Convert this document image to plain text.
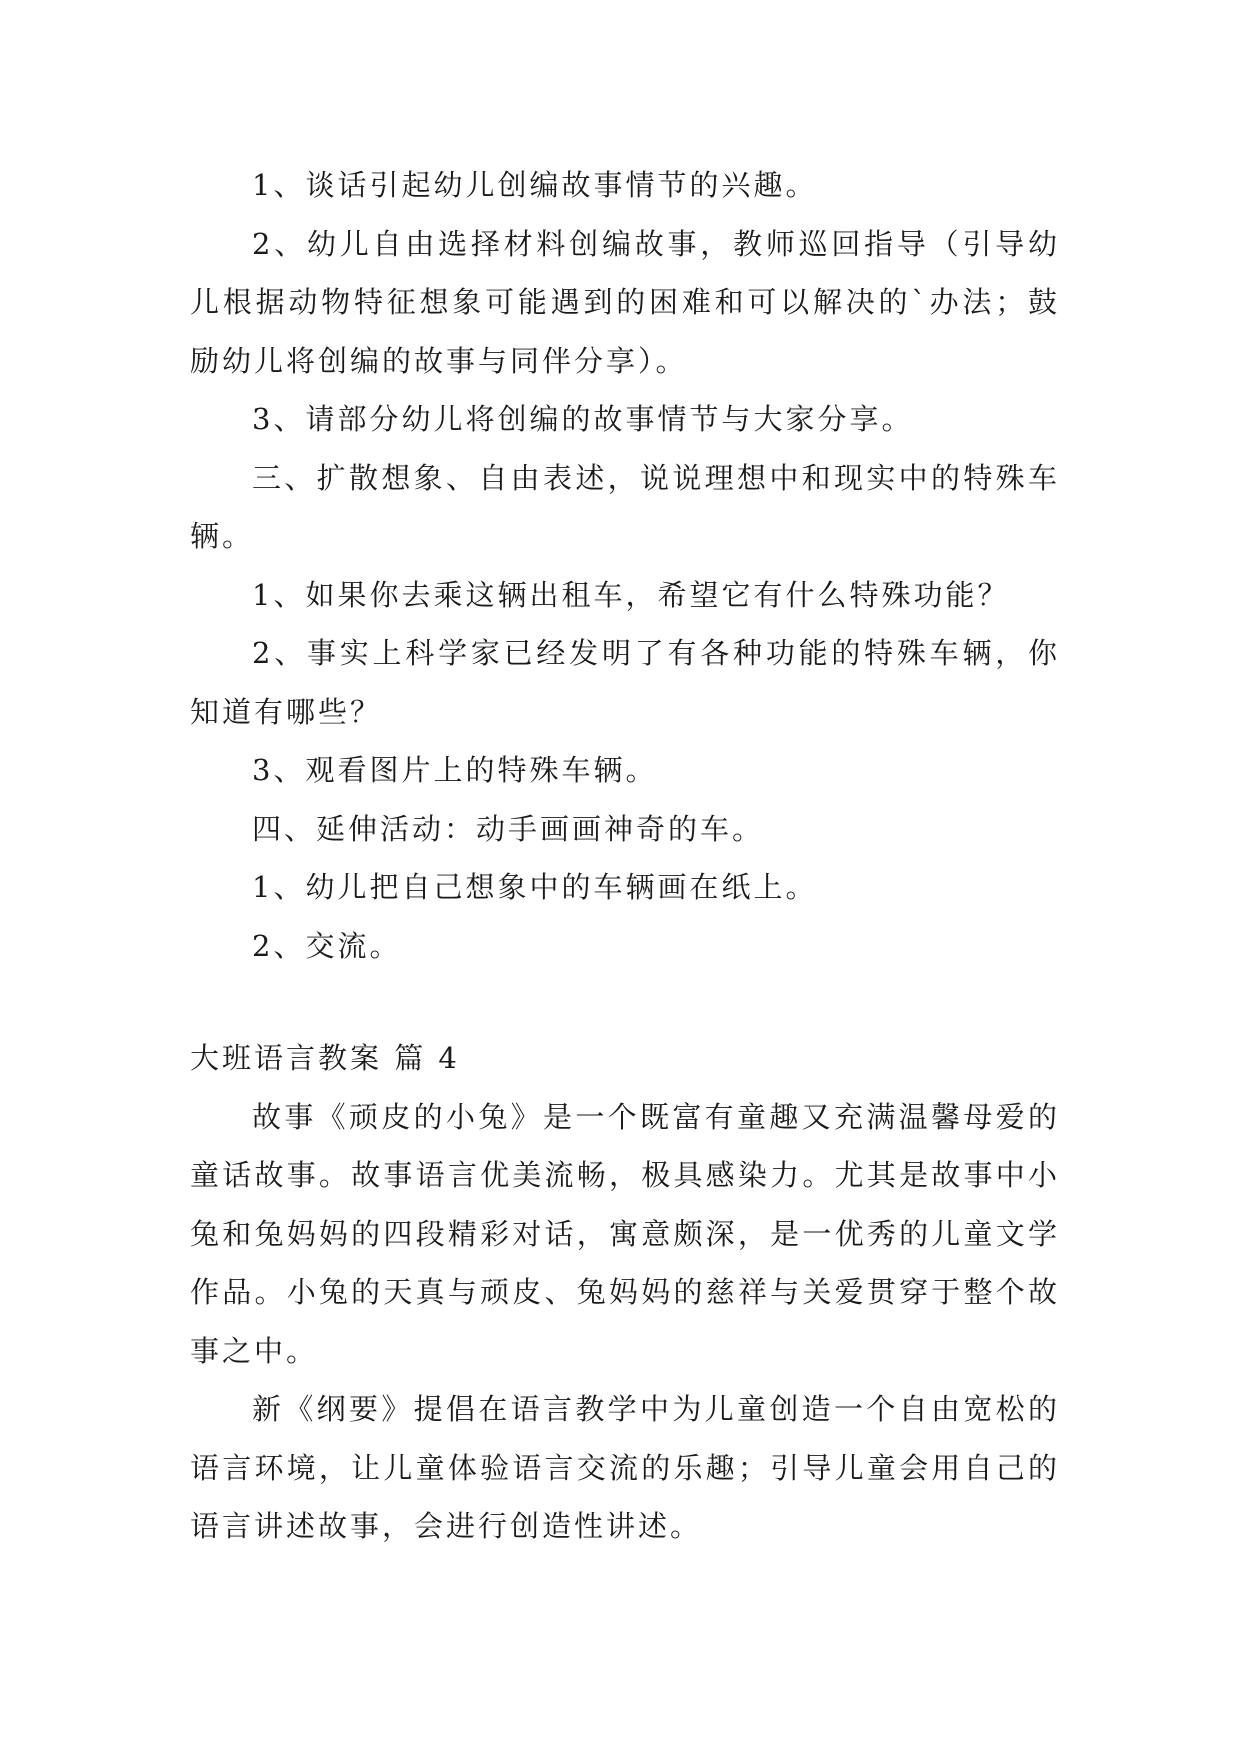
1、谈话引起幼儿创编故事情节的兴趣。

2、幼儿自由选择材料创编故事，教师巡回指导（引导幼儿根据动物特征想象可能遇到的困难和可以解决的`办法；鼓励幼儿将创编的故事与同伴分享）。

3、请部分幼儿将创编的故事情节与大家分享。

三、扩散想象、自由表述，说说理想中和现实中的特殊车辆。

1、如果你去乘这辆出租车，希望它有什么特殊功能？

2、事实上科学家已经发明了有各种功能的特殊车辆，你知道有哪些？

3、观看图片上的特殊车辆。

四、延伸活动：动手画画神奇的车。

1、幼儿把自己想象中的车辆画在纸上。

2、交流。

大班语言教案 篇 4

故事《顽皮的小兔》是一个既富有童趣又充满温馨母爱的童话故事。故事语言优美流畅，极具感染力。尤其是故事中小兔和兔妈妈的四段精彩对话，寓意颇深，是一优秀的儿童文学作品。小兔的天真与顽皮、兔妈妈的慈祥与关爱贯穿于整个故事之中。

新《纲要》提倡在语言教学中为儿童创造一个自由宽松的语言环境，让儿童体验语言交流的乐趣；引导儿童会用自己的语言讲述故事，会进行创造性讲述。
